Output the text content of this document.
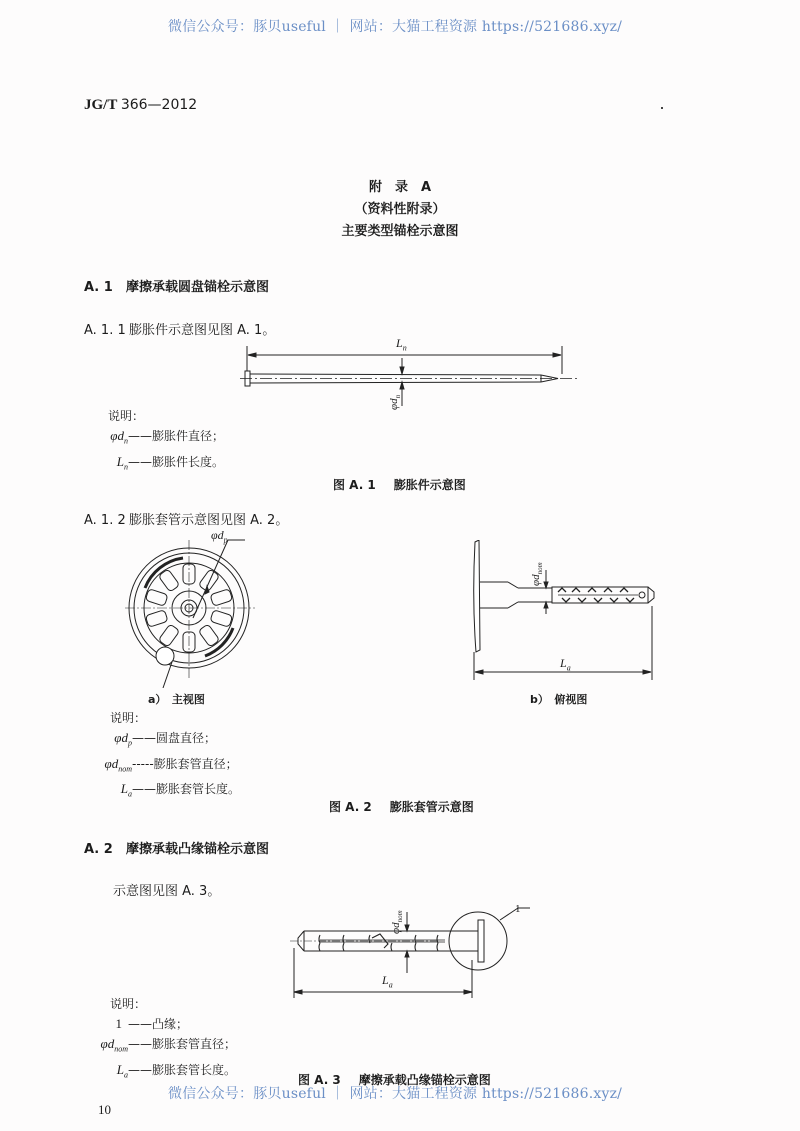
微信公众号：豚贝useful ｜ 网站：大猫工程资源 https://521686.xyz/
JG/T 366—2012
附　录　A
（资料性附录）
主要类型锚栓示意图
A. 1 摩擦承载圆盘锚栓示意图
A. 1. 1 膨胀件示意图见图 A. 1。
$L_n$
$\varphi d_n$
说明：
$\varphi d_n——$膨胀件直径；
$L_n——$膨胀件长度。
图 A. 1 膨胀件示意图
A. 1. 2 膨胀套管示意图见图 A. 2。
$\varphi d_p$
a）　主视图
$\varphi d_{nom}$
$L_a$
b）　俯视图
说明：
$\varphi d_p——$圆盘直径；
$\varphi d_{nom}-----$膨胀套管直径；
$L_a——$膨胀套管长度。
图 A. 2 膨胀套管示意图
A. 2 摩擦承载凸缘锚栓示意图
示意图见图 A. 3。
1
$\varphi d_{nom}$
$L_a$
说明：
1 ——凸缘；
$\varphi d_{nom}——$膨胀套管直径；
$L_a——$膨胀套管长度。
图 A. 3 摩擦承载凸缘锚栓示意图
微信公众号：豚贝useful ｜ 网站：大猫工程资源 https://521686.xyz/
10
